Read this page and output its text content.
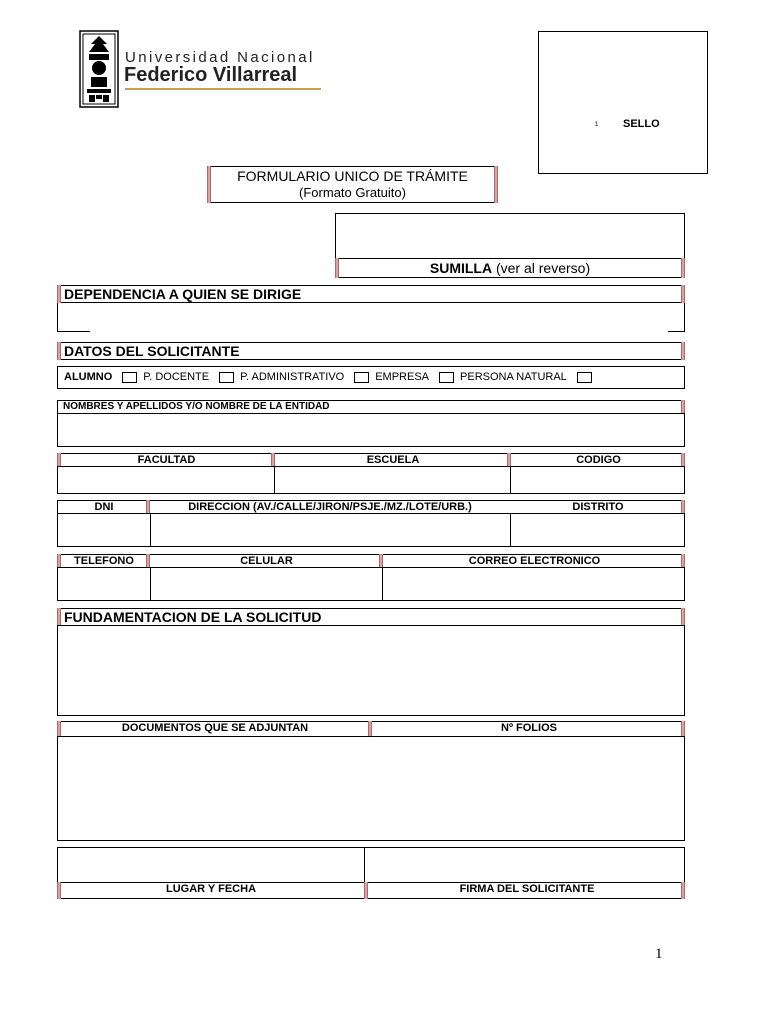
Universidad Nacional
Federico Villarreal
1 SELLO
FORMULARIO UNICO DE TRÁMITE
(Formato Gratuito)
SUMILLA (ver al reverso)
DEPENDENCIA A QUIEN SE DIRIGE
DATOS DEL SOLICITANTE
ALUMNO	P. DOCENTE	P. ADMINISTRATIVO	EMPRESA	PERSONA NATURAL
NOMBRES Y APELLIDOS Y/O NOMBRE DE LA ENTIDAD
FACULTAD	ESCUELA	CODIGO
DNI	DIRECCION (AV./CALLE/JIRON/PSJE./MZ./LOTE/URB.)	DISTRITO
TELEFONO	CELULAR	CORREO ELECTRONICO
FUNDAMENTACION DE LA SOLICITUD
DOCUMENTOS QUE SE ADJUNTAN	Nº FOLIOS
LUGAR Y FECHA	FIRMA DEL SOLICITANTE
1
